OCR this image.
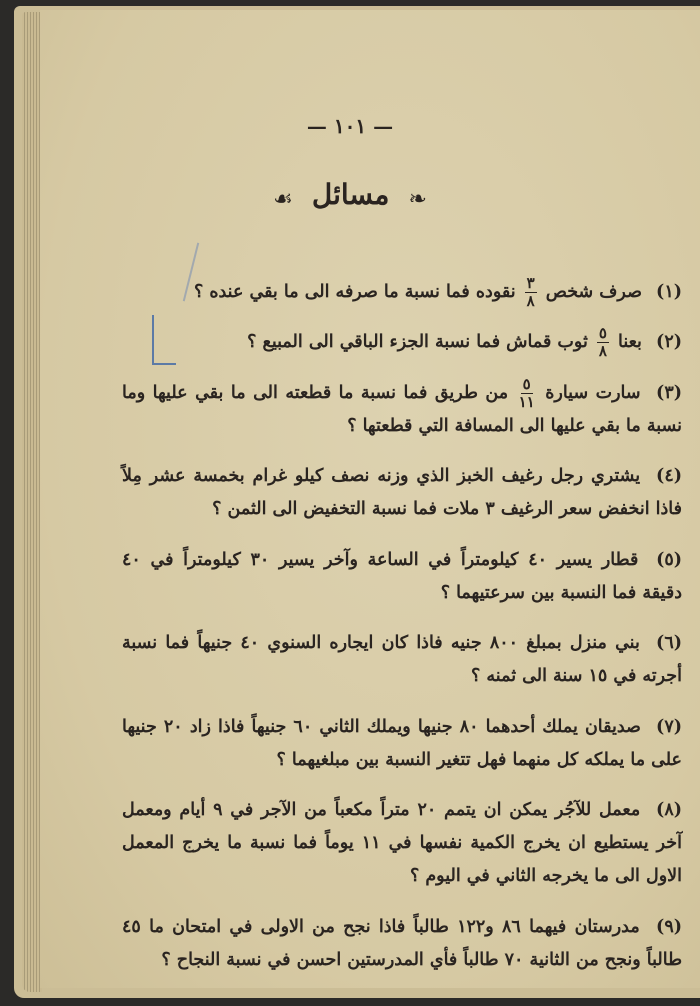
— ١٠١ —
☙ مسائل ❧

(١) صرف شخص
$\frac{٣}{٨}$
نقوده فما نسبة ما صرفه الى ما بقي عنده ؟

(٢) بعنا
$\frac{٥}{٨}$
ثوب قماش فما نسبة الجزء الباقي الى المبيع ؟

(٣) سارت سيارة
$\frac{٥}{١١}$
من طريق فما نسبة ما قطعته الى ما بقي عليها وما نسبة ما بقي عليها الى المسافة التي قطعتها ؟

(٤) يشتري رجل رغيف الخبز الذي وزنه نصف كيلو غرام بخمسة عشر مِلاً فاذا انخفض سعر الرغيف ٣ ملات فما نسبة التخفيض الى الثمن ؟

(٥) قطار يسير ٤٠ كيلومتراً في الساعة وآخر يسير ٣٠ كيلومتراً في ٤٠ دقيقة فما النسبة بين سرعتيهما ؟

(٦) بني منزل بمبلغ ٨٠٠ جنيه فاذا كان ايجاره السنوي ٤٠ جنيهاً فما نسبة أجرته في ١٥ سنة الى ثمنه ؟

(٧) صديقان يملك أحدهما ٨٠ جنيها ويملك الثاني ٦٠ جنيهاً فاذا زاد ٢٠ جنيها على ما يملكه كل منهما فهل تتغير النسبة بين مبلغيهما ؟

(٨) معمل للآجُر يمكن ان يتمم ٢٠ متراً مكعباً من الآجر في ٩ أيام ومعمل آخر يستطيع ان يخرج الكمية نفسها في ١١ يوماً فما نسبة ما يخرج المعمل الاول الى ما يخرجه الثاني في اليوم ؟

(٩) مدرستان فيهما ٨٦ و١٢٢ طالباً فاذا نجح من الاولى في امتحان ما ٤٥ طالباً ونجح من الثانية ٧٠ طالباً فأي المدرستين احسن في نسبة النجاح ؟
